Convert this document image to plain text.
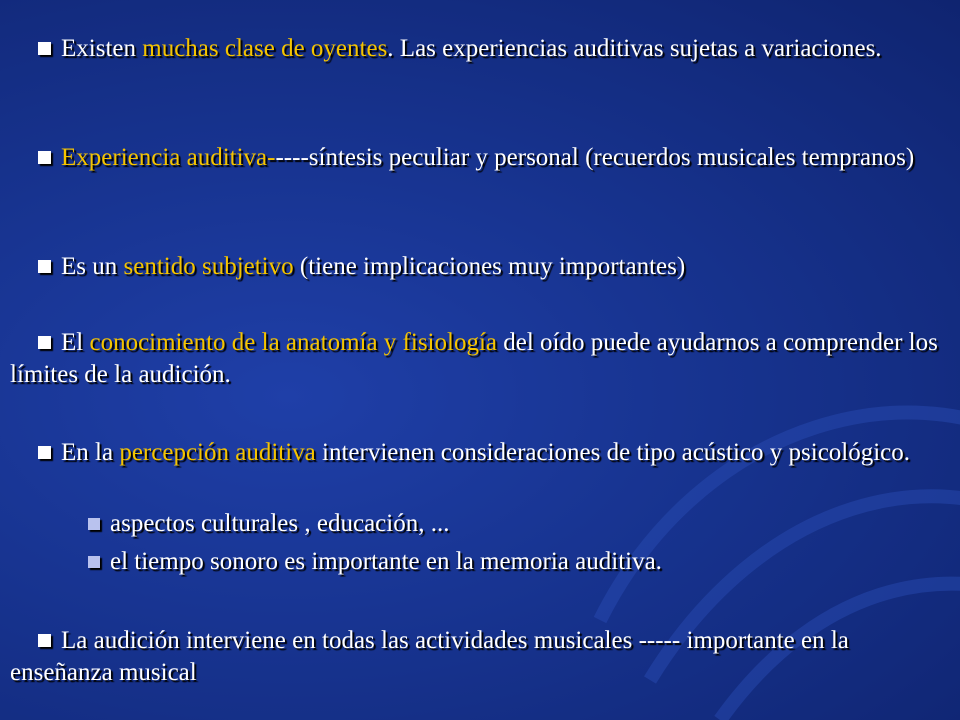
Existen muchas clase de oyentes. Las experiencias auditivas sujetas a variaciones.

Experiencia auditiva-----síntesis peculiar y personal (recuerdos musicales tempranos)

Es un sentido subjetivo (tiene implicaciones muy importantes)

El conocimiento de la anatomía y fisiología del oído puede ayudarnos a comprender los límites de la audición.

En la percepción auditiva intervienen consideraciones de tipo acústico y psicológico.

aspectos culturales , educación, ...

el tiempo sonoro es importante en la memoria auditiva.

La audición interviene en todas las actividades musicales ----- importante en la enseñanza musical
